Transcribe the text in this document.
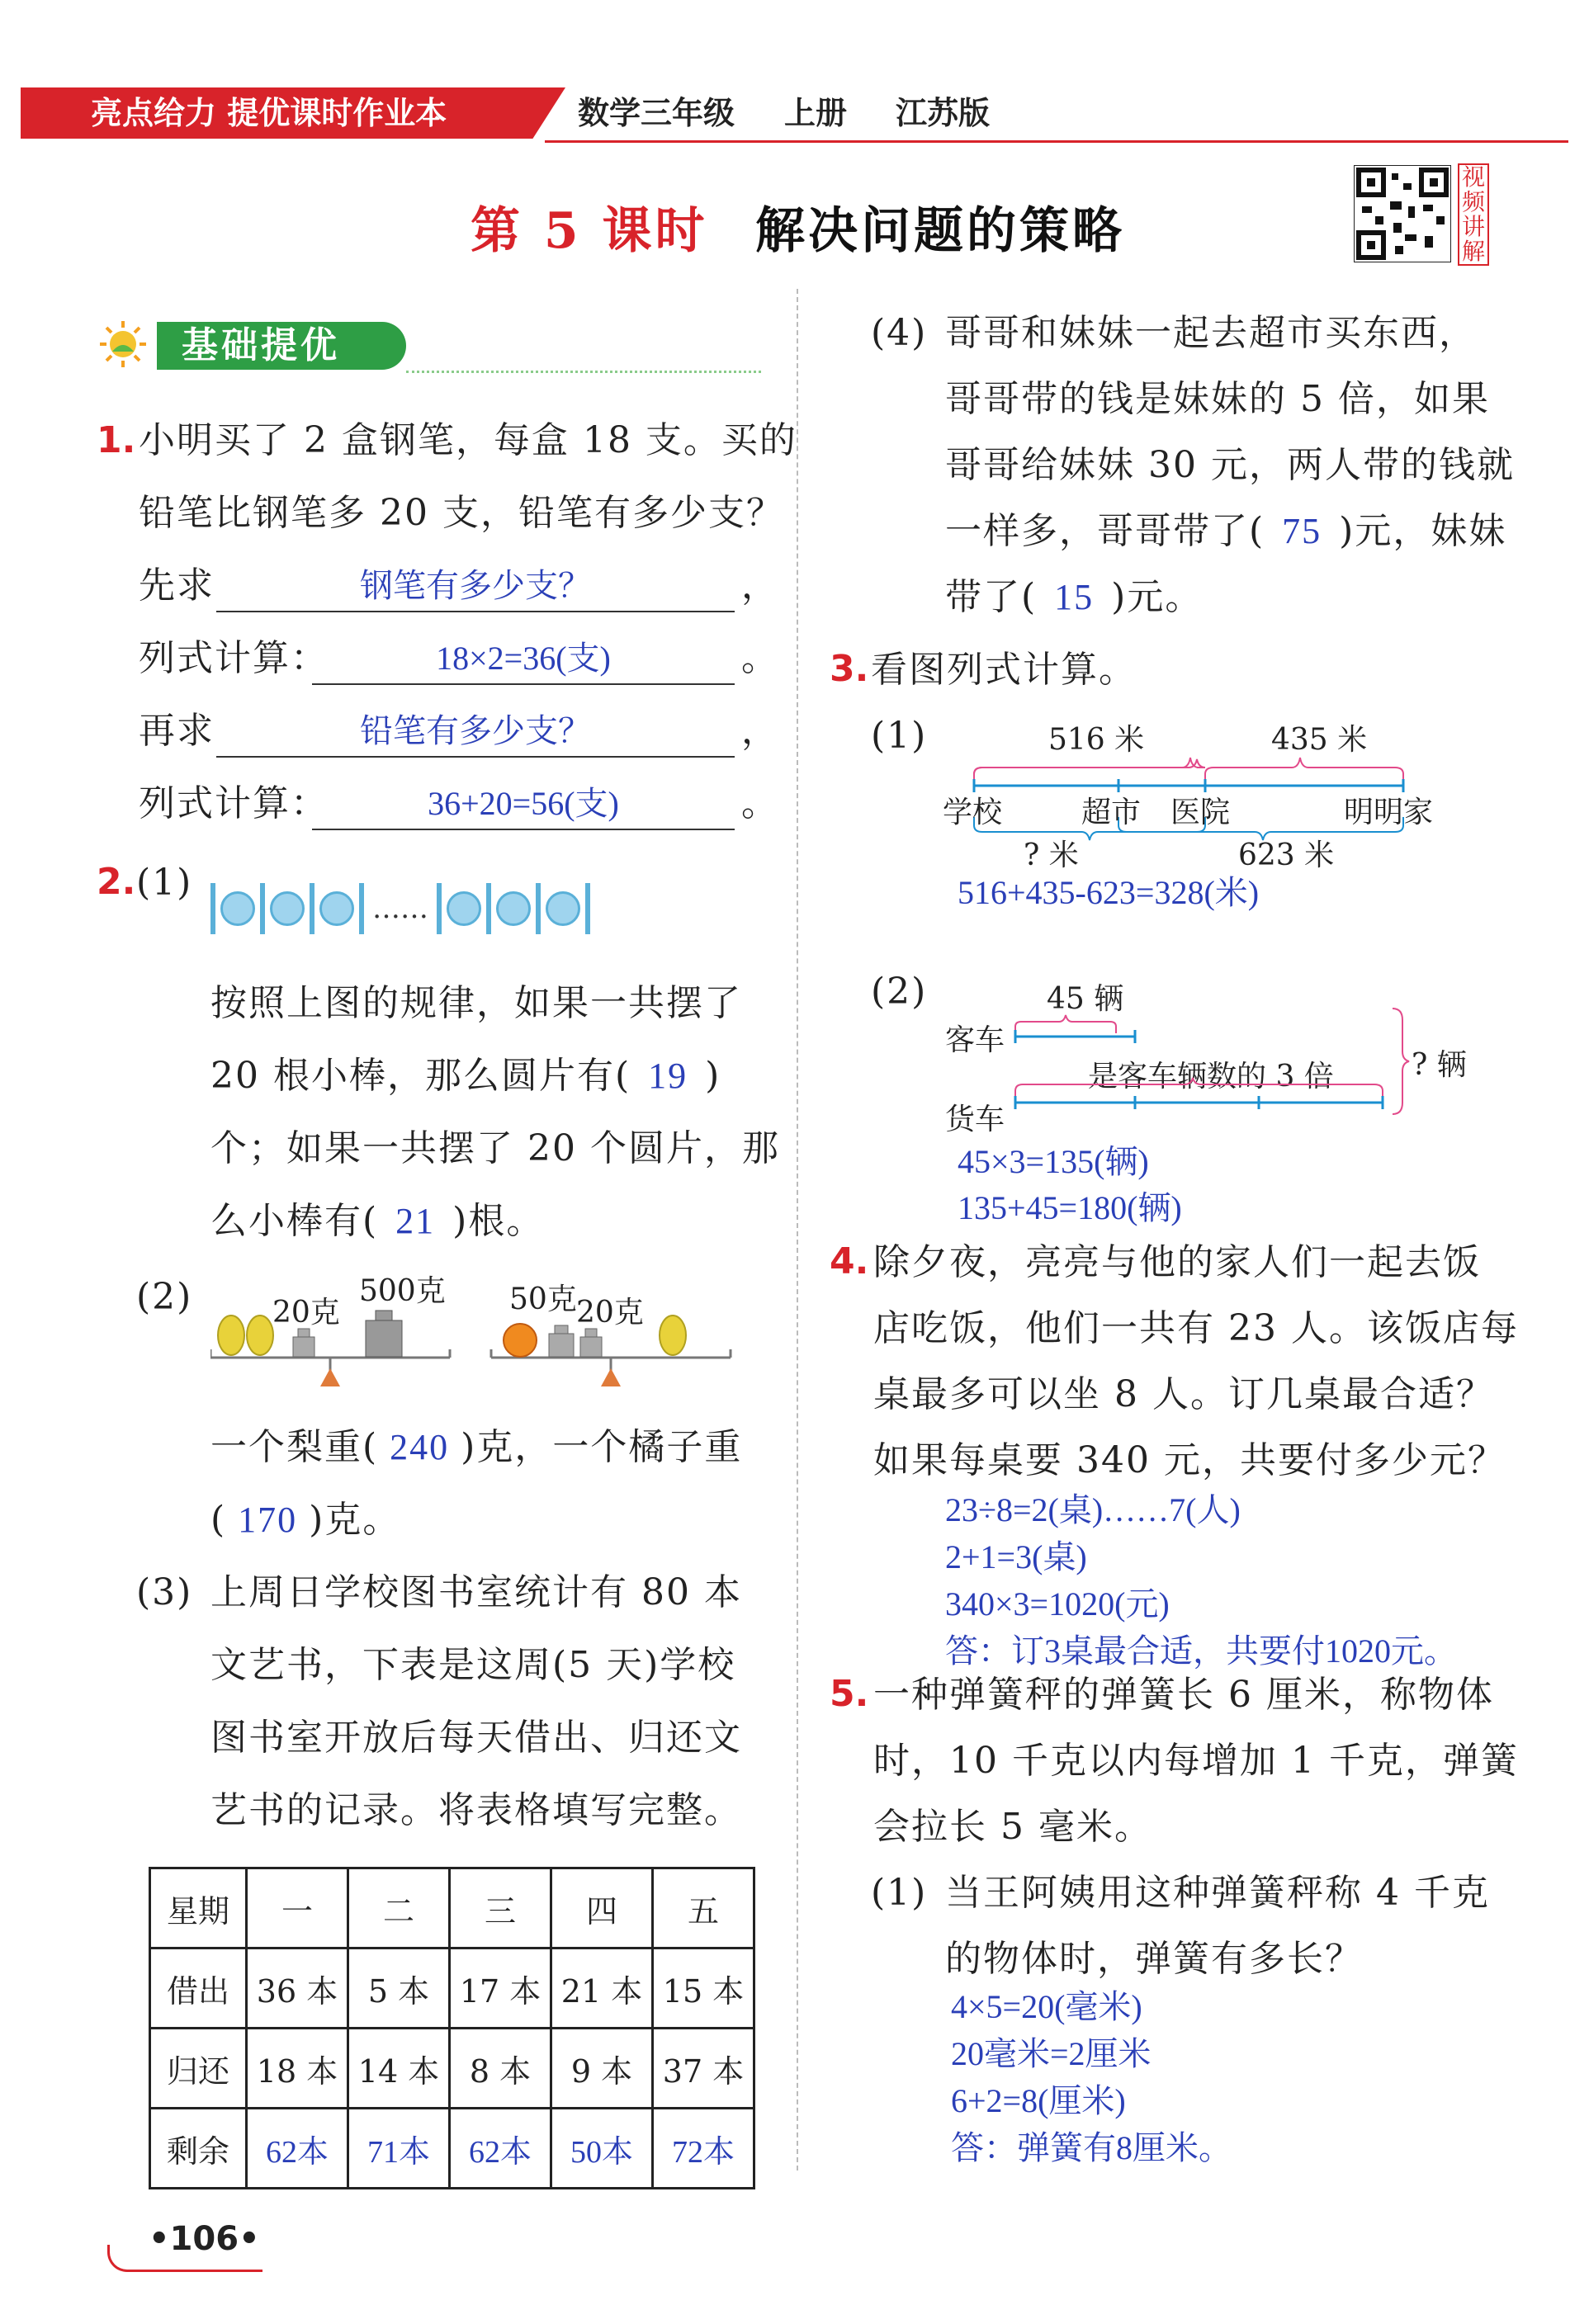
亮点给力 提优课时作业本	数学三年级 上册 江苏版
视频讲解
第 5 课时 解决问题的策略
基础提优
1. 小明买了 2 盒钢笔，每盒 18 支。买的
铅笔比钢笔多 20 支，铅笔有多少支？
先求	钢笔有多少支？	，
列式计算：	18×2=36(支)	。
再求	铅笔有多少支？	，
列式计算：	36+20=56(支)	。
2. (1)
……
按照上图的规律，如果一共摆了
20 根小棒，那么圆片有( 19 )
个；如果一共摆了 20 个圆片，那
么小棒有( 21 )根。
(2)	20克
500克 50克 20克
一个梨重( 240 )克，一个橘子重
( 170 )克。
(3) 上周日学校图书室统计有 80 本
文艺书，下表是这周(5 天)学校
图书室开放后每天借出、归还文
艺书的记录。将表格填写完整。
星期	一	二	三	四	五
借出	36 本	5 本	17 本	21 本	15 本
归还	18 本	14 本	8 本	9 本	37 本
剩余	62本	71本	62本	50本	72本
(4) 哥哥和妹妹一起去超市买东西，
哥哥带的钱是妹妹的 5 倍，如果
哥哥给妹妹 30 元，两人带的钱就
一样多，哥哥带了( 75 )元，妹妹
带了( 15 )元。
3. 看图列式计算。
(1)	516 米	435 米
学校	超市 医院	明明家
? 米	623 米
516+435-623=328(米)
(2)	45 辆
客车
货车
是客车辆数的 3 倍	? 辆
45×3=135(辆)
135+45=180(辆)
4. 除夕夜，亮亮与他的家人们一起去饭
店吃饭，他们一共有 23 人。该饭店每
桌最多可以坐 8 人。订几桌最合适？
如果每桌要 340 元，共要付多少元？
23÷8=2(桌)……7(人)
2+1=3(桌)
340×3=1020(元)
答：订3桌最合适，共要付1020元。
5. 一种弹簧秤的弹簧长 6 厘米，称物体
时，10 千克以内每增加 1 千克，弹簧
会拉长 5 毫米。
(1) 当王阿姨用这种弹簧秤称 4 千克
的物体时，弹簧有多长？
4×5=20(毫米)
20毫米=2厘米
6+2=8(厘米)
答：弹簧有8厘米。
•106•
